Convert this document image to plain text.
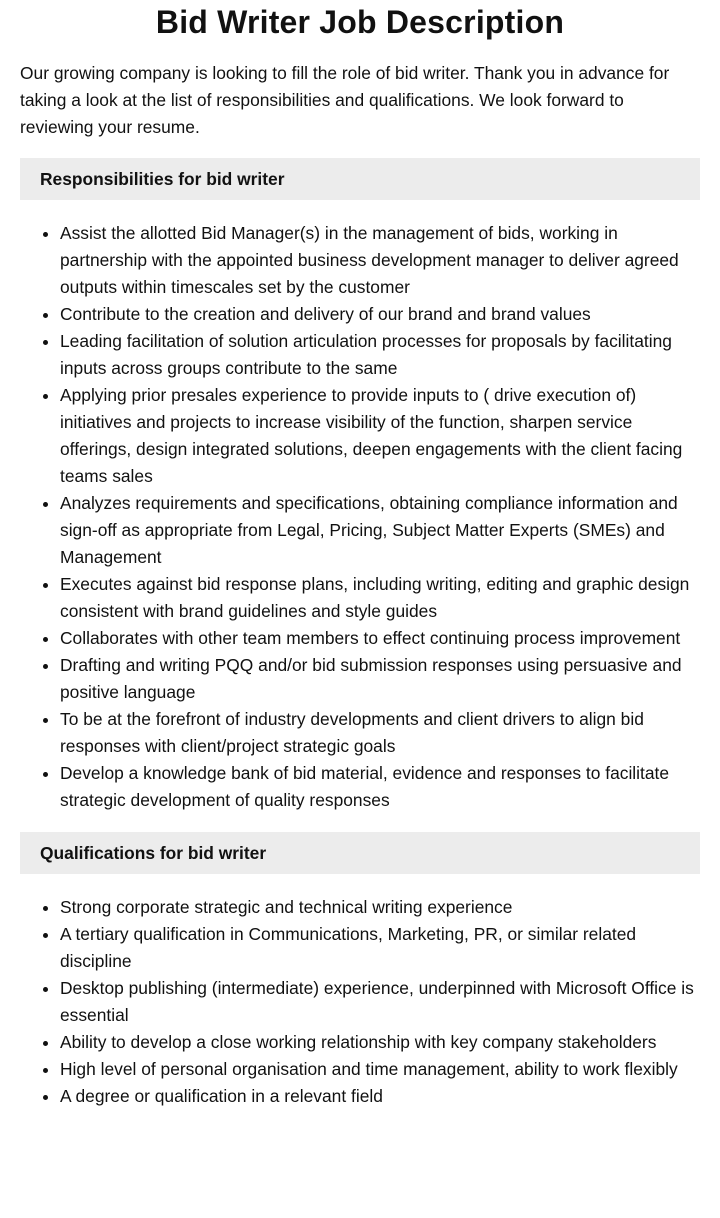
Bid Writer Job Description

Our growing company is looking to fill the role of bid writer. Thank you in advance for taking a look at the list of responsibilities and qualifications. We look forward to reviewing your resume.

Responsibilities for bid writer
• Assist the allotted Bid Manager(s) in the management of bids, working in partnership with the appointed business development manager to deliver agreed outputs within timescales set by the customer
• Contribute to the creation and delivery of our brand and brand values
• Leading facilitation of solution articulation processes for proposals by facilitating inputs across groups contribute to the same
• Applying prior presales experience to provide inputs to ( drive execution of) initiatives and projects to increase visibility of the function, sharpen service offerings, design integrated solutions, deepen engagements with the client facing teams sales
• Analyzes requirements and specifications, obtaining compliance information and sign-off as appropriate from Legal, Pricing, Subject Matter Experts (SMEs) and Management
• Executes against bid response plans, including writing, editing and graphic design consistent with brand guidelines and style guides
• Collaborates with other team members to effect continuing process improvement
• Drafting and writing PQQ and/or bid submission responses using persuasive and positive language
• To be at the forefront of industry developments and client drivers to align bid responses with client/project strategic goals
• Develop a knowledge bank of bid material, evidence and responses to facilitate strategic development of quality responses
Qualifications for bid writer
• Strong corporate strategic and technical writing experience
• A tertiary qualification in Communications, Marketing, PR, or similar related discipline
• Desktop publishing (intermediate) experience, underpinned with Microsoft Office is essential
• Ability to develop a close working relationship with key company stakeholders
• High level of personal organisation and time management, ability to work flexibly
• A degree or qualification in a relevant field
